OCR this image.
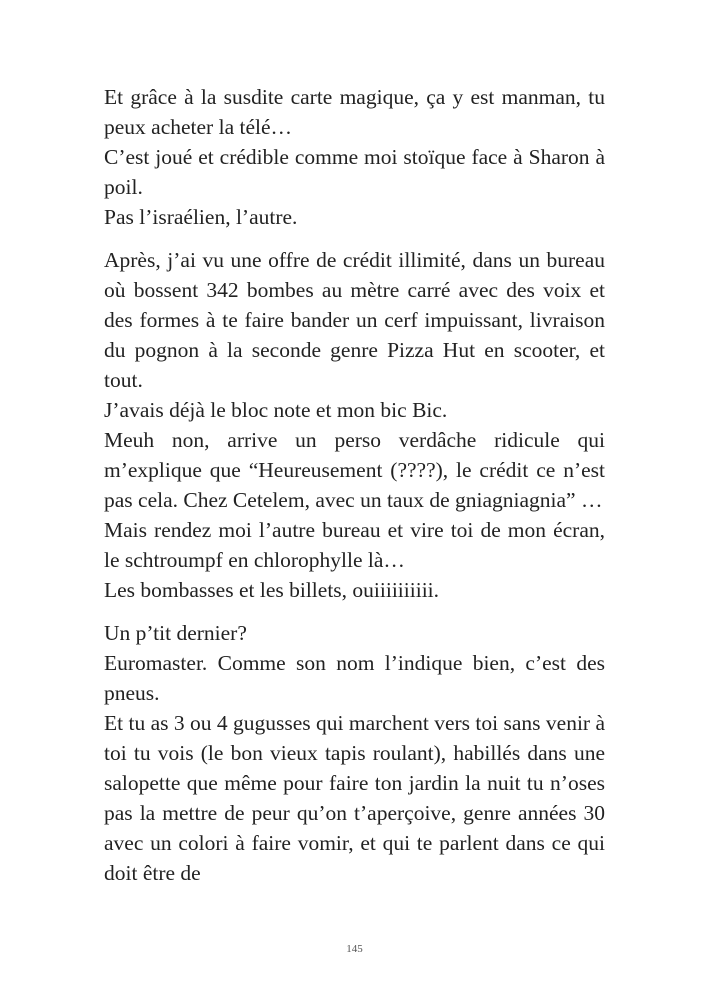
Et grâce à la susdite carte magique, ça y est manman, tu peux acheter la télé…

C’est joué et crédible comme moi stoïque face à Sharon à poil.

Pas l’israélien, l’autre.

Après, j’ai vu une offre de crédit illimité, dans un bureau où bossent 342 bombes au mètre carré avec des voix et des formes à te faire bander un cerf impuissant, livraison du pognon à la seconde genre Pizza Hut en scooter, et tout.

J’avais déjà le bloc note et mon bic Bic.

Meuh non, arrive un perso verdâche ridicule qui m’explique que “Heureusement (????), le crédit ce n’est pas cela. Chez Cetelem, avec un taux de gniagniagnia” …

Mais rendez moi l’autre bureau et vire toi de mon écran, le schtroumpf en chlorophylle là…

Les bombasses et les billets, ouiiiiiiiiii.

Un p’tit dernier?

Euromaster. Comme son nom l’indique bien, c’est des pneus.

Et tu as 3 ou 4 gugusses qui marchent vers toi sans venir à toi tu vois (le bon vieux tapis roulant), habillés dans une salopette que même pour faire ton jardin la nuit tu n’oses pas la mettre de peur qu’on t’aperçoive, genre années 30 avec un colori à faire vomir, et qui te parlent dans ce qui doit être de

145
